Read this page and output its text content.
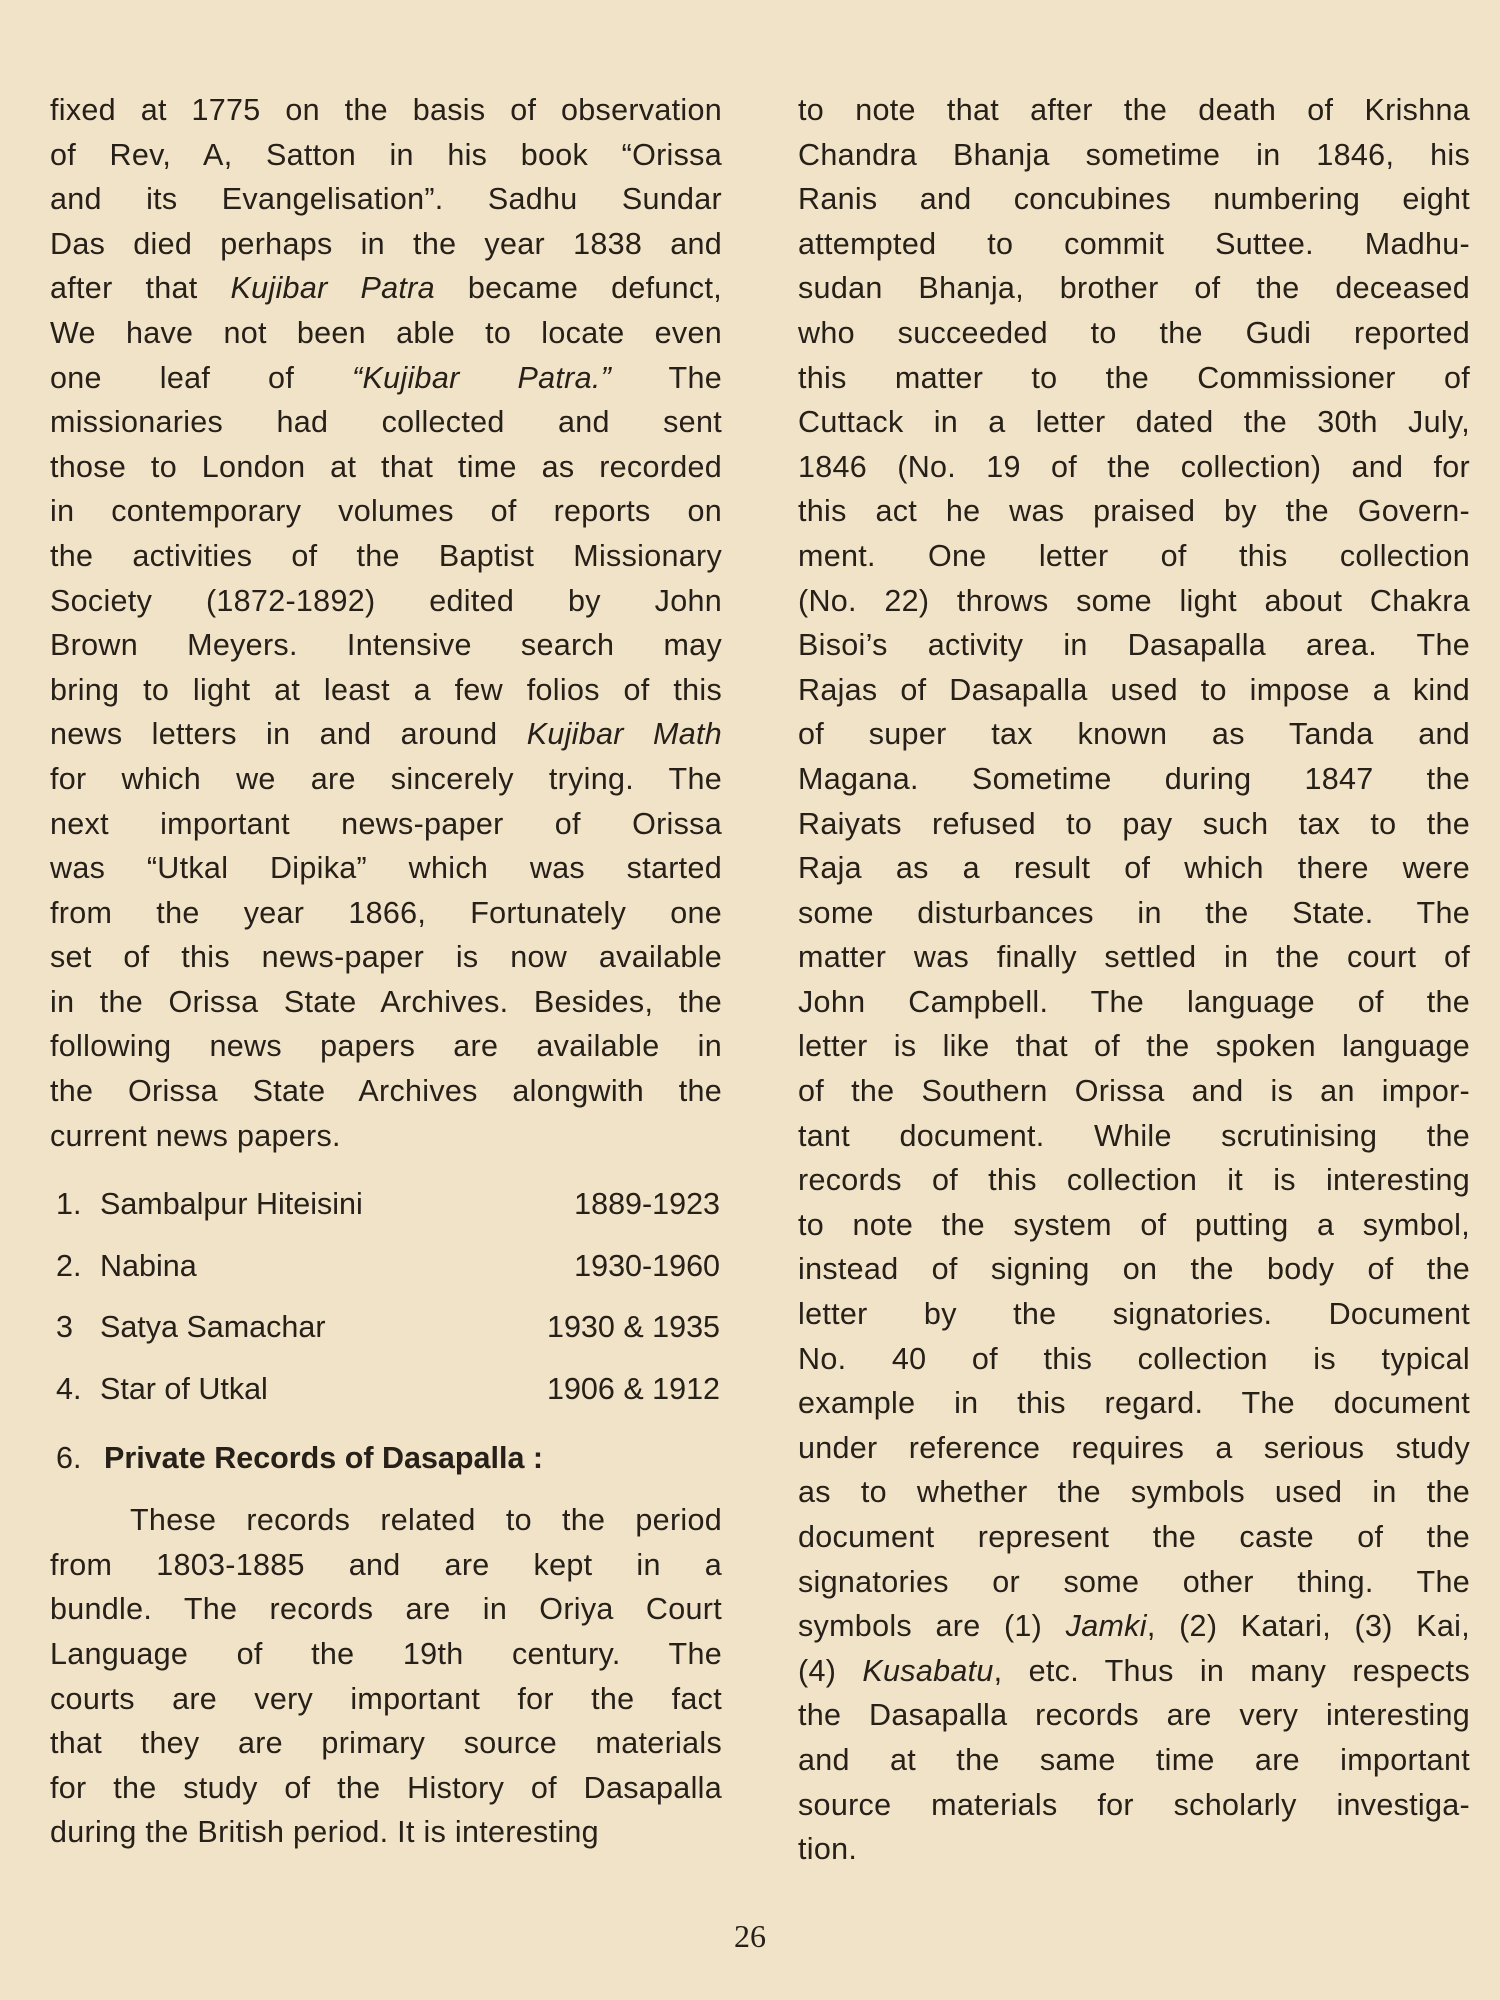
fixed at 1775 on the basis of observation
of Rev, A, Satton in his book “Orissa
and its Evangelisation”. Sadhu Sundar
Das died perhaps in the year 1838 and
after that Kujibar Patra became defunct,
We have not been able to locate even
one leaf of “Kujibar Patra.” The
missionaries had collected and sent
those to London at that time as recorded
in contemporary volumes of reports on
the activities of the Baptist Missionary
Society (1872-1892) edited by John
Brown Meyers. Intensive search may
bring to light at least a few folios of this
news letters in and around Kujibar Math
for which we are sincerely trying. The
next important news-paper of Orissa
was “Utkal Dipika” which was started
from the year 1866, Fortunately one
set of this news-paper is now available
in the Orissa State Archives. Besides, the
following news papers are available in
the Orissa State Archives alongwith the
current news papers.
1. Sambalpur Hiteisini	1889-1923
2. Nabina	1930-1960
3 Satya Samachar	1930 & 1935
4. Star of Utkal	1906 & 1912
6. Private Records of Dasapalla :
These records related to the period
from 1803-1885 and are kept in a
bundle. The records are in Oriya Court
Language of the 19th century. The
courts are very important for the fact
that they are primary source materials
for the study of the History of Dasapalla
during the British period. It is interesting
to note that after the death of Krishna
Chandra Bhanja sometime in 1846, his
Ranis and concubines numbering eight
attempted to commit Suttee. Madhu-
sudan Bhanja, brother of the deceased
who succeeded to the Gudi reported
this matter to the Commissioner of
Cuttack in a letter dated the 30th July,
1846 (No. 19 of the collection) and for
this act he was praised by the Govern-
ment. One letter of this collection
(No. 22) throws some light about Chakra
Bisoi’s activity in Dasapalla area. The
Rajas of Dasapalla used to impose a kind
of super tax known as Tanda and
Magana. Sometime during 1847 the
Raiyats refused to pay such tax to the
Raja as a result of which there were
some disturbances in the State. The
matter was finally settled in the court of
John Campbell. The language of the
letter is like that of the spoken language
of the Southern Orissa and is an impor-
tant document. While scrutinising the
records of this collection it is interesting
to note the system of putting a symbol,
instead of signing on the body of the
letter by the signatories. Document
No. 40 of this collection is typical
example in this regard. The document
under reference requires a serious study
as to whether the symbols used in the
document represent the caste of the
signatories or some other thing. The
symbols are (1) Jamki, (2) Katari, (3) Kai,
(4) Kusabatu, etc. Thus in many respects
the Dasapalla records are very interesting
and at the same time are important
source materials for scholarly investiga-
tion.
26
